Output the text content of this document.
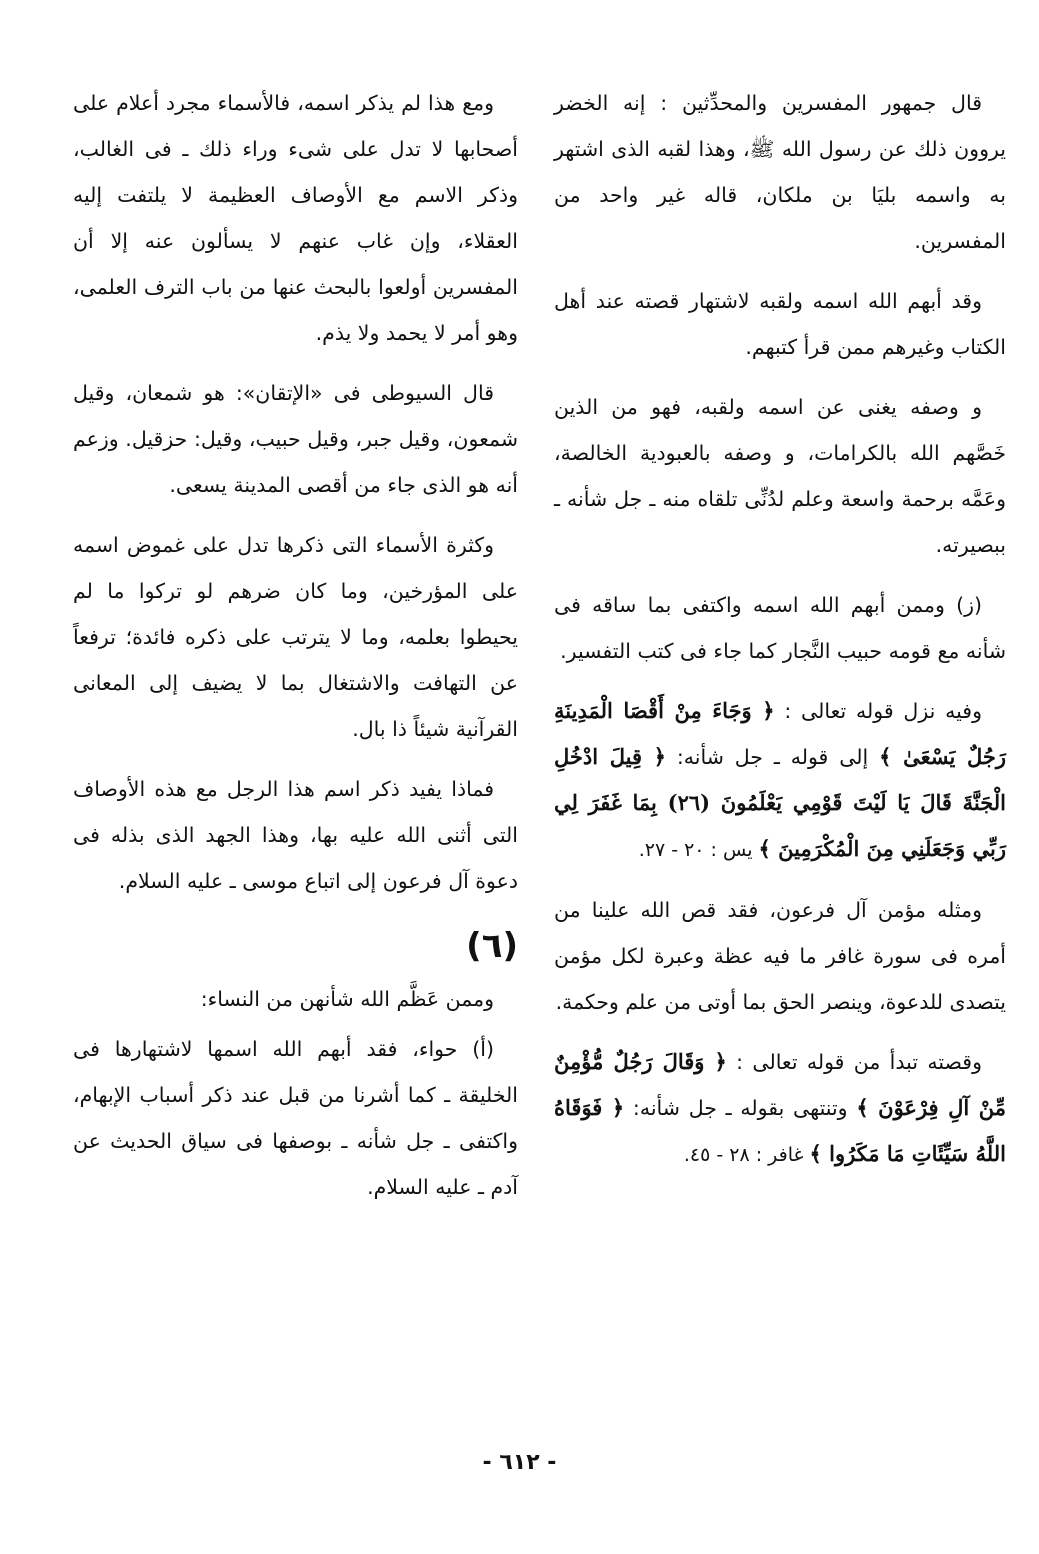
قال جمهور المفسرين والمحدِّثين : إنه الخضر يروون ذلك عن رسول الله ﷺ، وهذا لقبه الذى اشتهر به واسمه بليَا بن ملكان، قاله غير واحد من المفسرين.

وقد أبهم الله اسمه ولقبه لاشتهار قصته عند أهل الكتاب وغيرهم ممن قرأ كتبهم.

و وصفه يغنى عن اسمه ولقبه، فهو من الذين خَصَّهم الله بالكرامات، و وصفه بالعبودية الخالصة، وعَمَّه برحمة واسعة وعلم لدُنِّى تلقاه منه ـ جل شأنه ـ ببصيرته.

(ز) وممن أبهم الله اسمه واكتفى بما ساقه فى شأنه مع قومه حبيب النَّجار كما جاء فى كتب التفسير.

وفيه نزل قوله تعالى : ﴿ وَجَاءَ مِنْ أَقْصَا الْمَدِينَةِ رَجُلٌ يَسْعَىٰ ﴾ إلى قوله ـ جل شأنه: ﴿ قِيلَ ادْخُلِ الْجَنَّةَ قَالَ يَا لَيْتَ قَوْمِي يَعْلَمُونَ (٢٦) بِمَا غَفَرَ لِي رَبِّي وَجَعَلَنِي مِنَ الْمُكْرَمِينَ ﴾ يس : ٢٠ - ٢٧.

ومثله مؤمن آل فرعون، فقد قص الله علينا من أمره فى سورة غافر ما فيه عظة وعبرة لكل مؤمن يتصدى للدعوة، وينصر الحق بما أوتى من علم وحكمة.

وقصته تبدأ من قوله تعالى : ﴿ وَقَالَ رَجُلٌ مُّؤْمِنٌ مِّنْ آلِ فِرْعَوْنَ ﴾ وتنتهى بقوله ـ جل شأنه: ﴿ فَوَقَاهُ اللَّهُ سَيِّئَاتِ مَا مَكَرُوا ﴾ غافر : ٢٨ - ٤٥.

ومع هذا لم يذكر اسمه، فالأسماء مجرد أعلام على أصحابها لا تدل على شىء وراء ذلك ـ فى الغالب، وذكر الاسم مع الأوصاف العظيمة لا يلتفت إليه العقلاء، وإن غاب عنهم لا يسألون عنه إلا أن المفسرين أولعوا بالبحث عنها من باب الترف العلمى، وهو أمر لا يحمد ولا يذم.

قال السيوطى فى «الإتقان»: هو شمعان، وقيل شمعون، وقيل جبر، وقيل حبيب، وقيل: حزقيل. وزعم أنه هو الذى جاء من أقصى المدينة يسعى.

وكثرة الأسماء التى ذكرها تدل على غموض اسمه على المؤرخين، وما كان ضرهم لو تركوا ما لم يحيطوا بعلمه، وما لا يترتب على ذكره فائدة؛ ترفعاً عن التهافت والاشتغال بما لا يضيف إلى المعانى القرآنية شيئاً ذا بال.

فماذا يفيد ذكر اسم هذا الرجل مع هذه الأوصاف التى أثنى الله عليه بها، وهذا الجهد الذى بذله فى دعوة آل فرعون إلى اتباع موسى ـ عليه السلام.

(٦)

وممن عَظَّم الله شأنهن من النساء:

(أ) حواء، فقد أبهم الله اسمها لاشتهارها فى الخليقة ـ كما أشرنا من قبل عند ذكر أسباب الإبهام، واكتفى ـ جل شأنه ـ بوصفها فى سياق الحديث عن آدم ـ عليه السلام.

- ٦١٢ -
